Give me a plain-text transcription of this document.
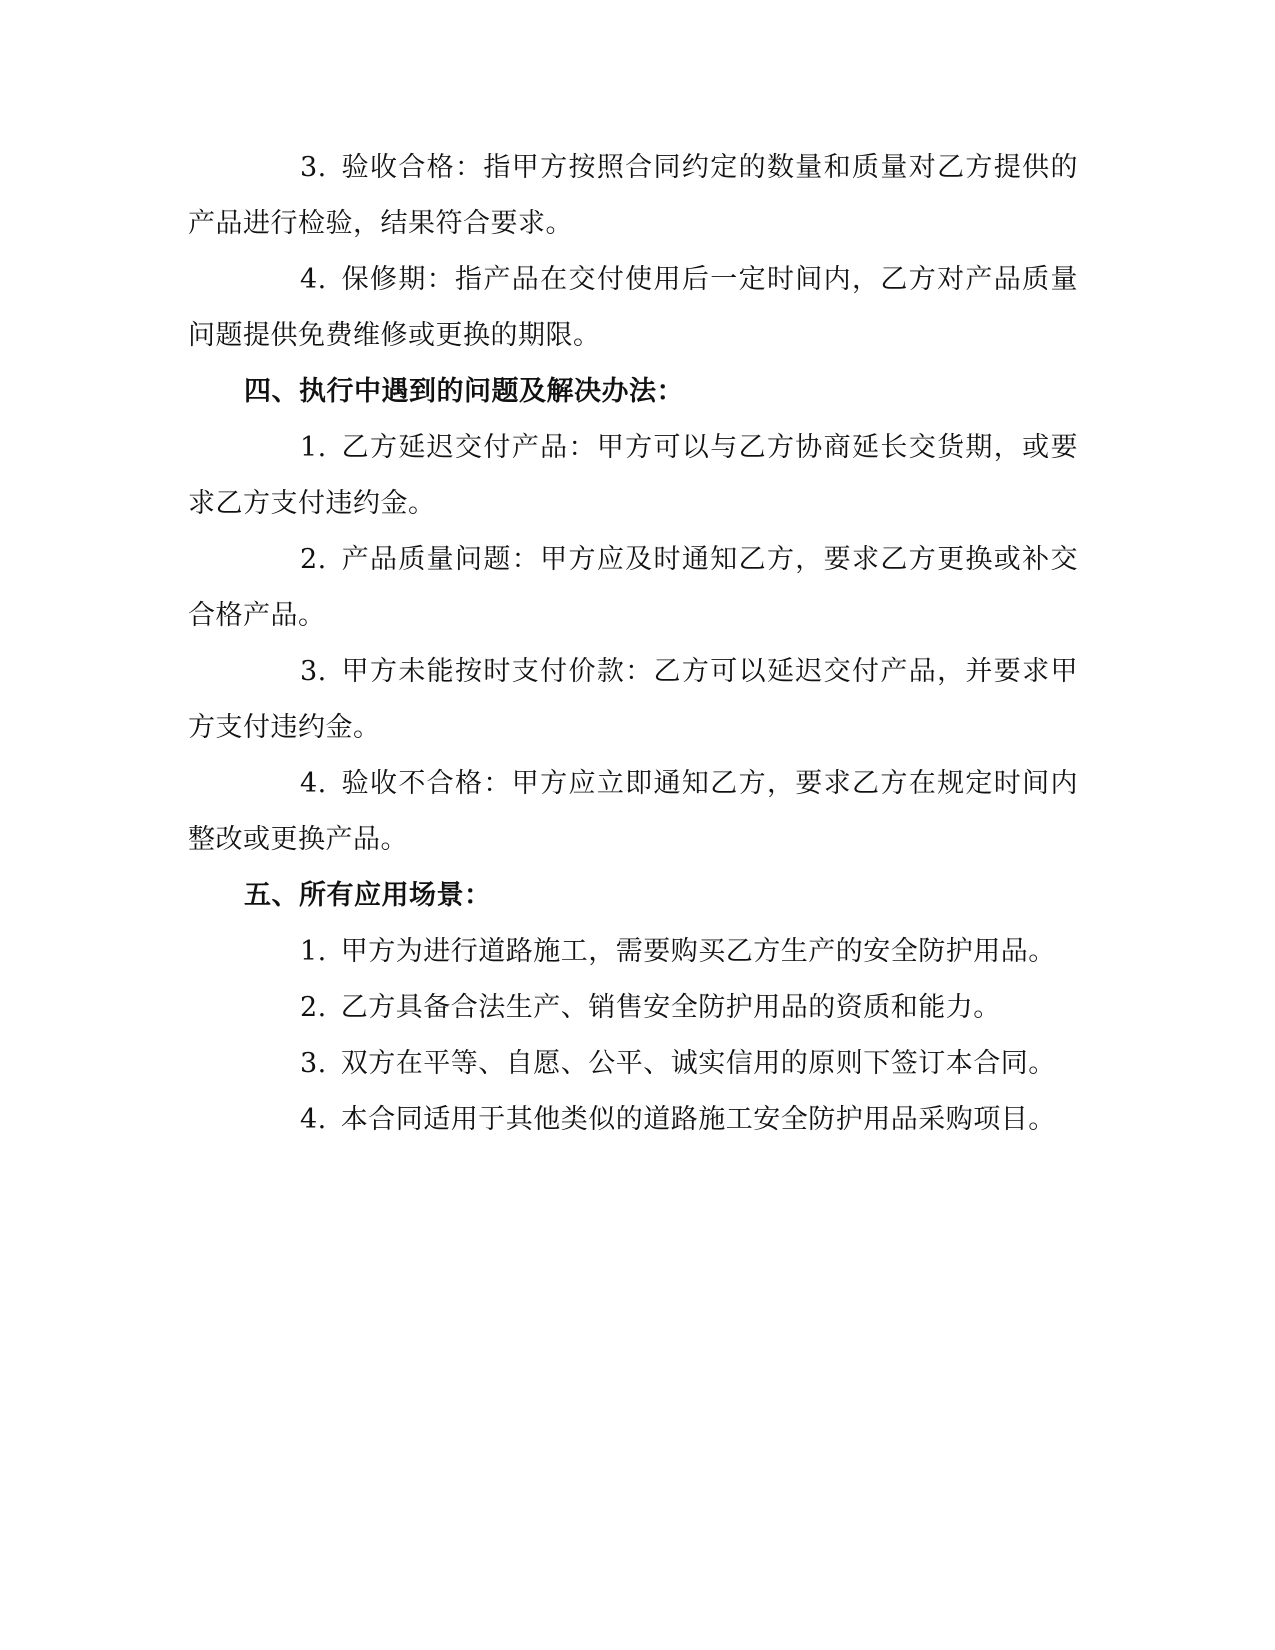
3. 验收合格：指甲方按照合同约定的数量和质量对乙方提供的产品进行检验，结果符合要求。

4. 保修期：指产品在交付使用后一定时间内，乙方对产品质量问题提供免费维修或更换的期限。

四、执行中遇到的问题及解决办法：

1. 乙方延迟交付产品：甲方可以与乙方协商延长交货期，或要求乙方支付违约金。

2. 产品质量问题：甲方应及时通知乙方，要求乙方更换或补交合格产品。

3. 甲方未能按时支付价款：乙方可以延迟交付产品，并要求甲方支付违约金。

4. 验收不合格：甲方应立即通知乙方，要求乙方在规定时间内整改或更换产品。

五、所有应用场景：

1. 甲方为进行道路施工，需要购买乙方生产的安全防护用品。

2. 乙方具备合法生产、销售安全防护用品的资质和能力。

3. 双方在平等、自愿、公平、诚实信用的原则下签订本合同。

4. 本合同适用于其他类似的道路施工安全防护用品采购项目。
